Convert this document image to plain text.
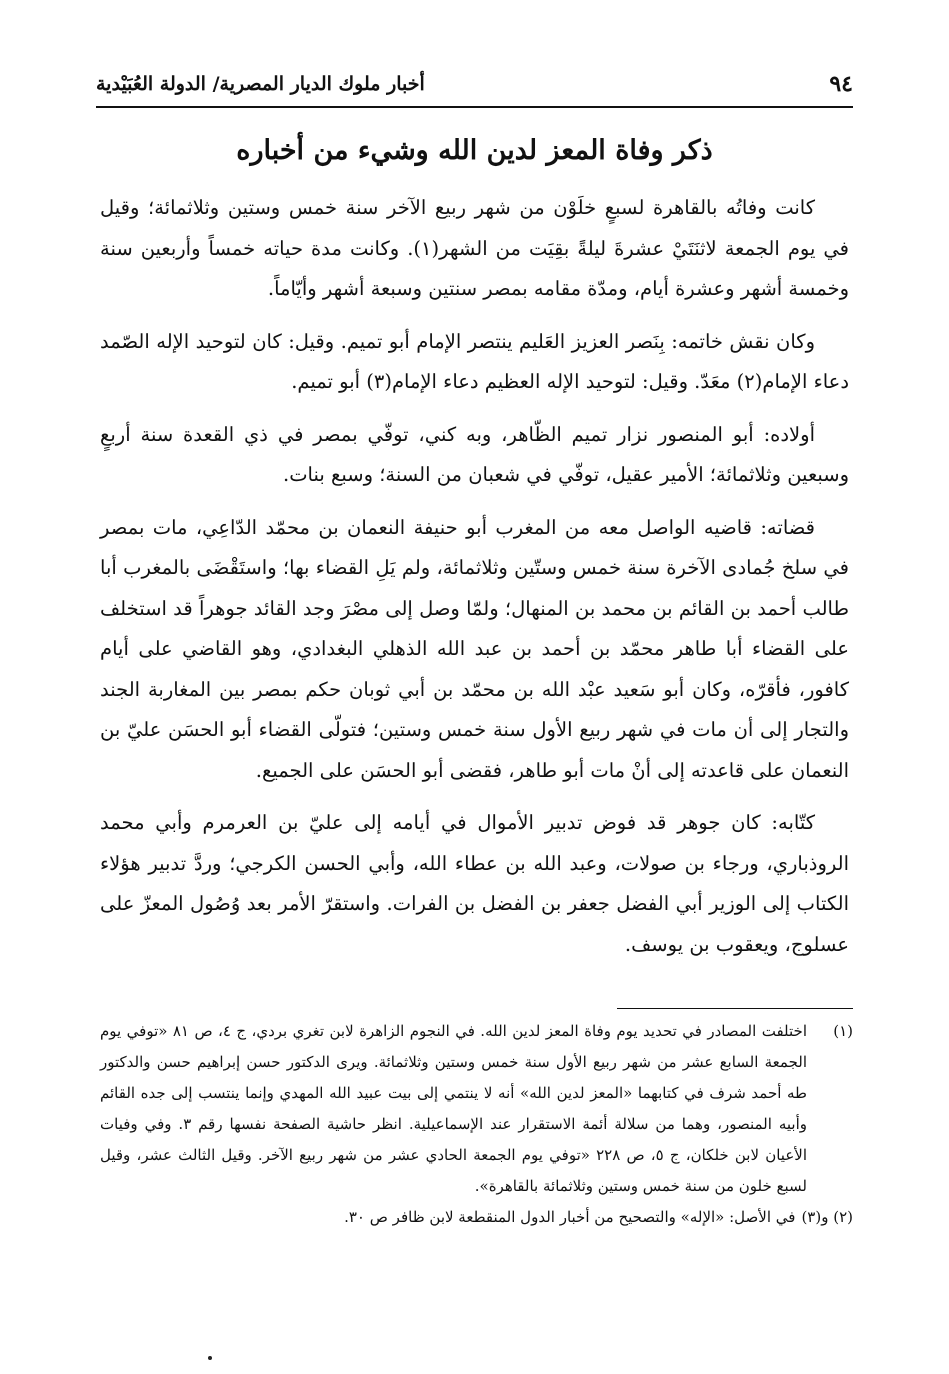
٩٤
أخبار ملوك الديار المصرية/ الدولة العُبَيْدية
ذكر وفاة المعز لدين الله وشيء من أخباره

كانت وفاتُه بالقاهرة لسبعٍ خلَوْن من شهر ربيع الآخر سنة خمس وستين وثلاثمائة؛ وقيل في يوم الجمعة لاثنَتَيْ عشرةَ ليلةً بقِيَت من الشهر(١). وكانت مدة حياته خمساً وأربعين سنة وخمسة أشهر وعشرة أيام، ومدّة مقامه بمصر سنتين وسبعة أشهر وأيّاماً.

وكان نقش خاتمه: بِنَصر العزيز العَليم ينتصر الإمام أبو تميم. وقيل: كان لتوحيد الإله الصّمد دعاء الإمام(٢) معَدّ. وقيل: لتوحيد الإله العظيم دعاء الإمام(٣) أبو تميم.

أولاده: أبو المنصور نزار تميم الظّاهر، وبه كني، توفّي بمصر في ذي القعدة سنة أربعٍ وسبعين وثلاثمائة؛ الأمير عقيل، توفّي في شعبان من السنة؛ وسبع بنات.

قضاته: قاضيه الواصل معه من المغرب أبو حنيفة النعمان بن محمّد الدّاعِي، مات بمصر في سلخ جُمادى الآخرة سنة خمس وستّين وثلاثمائة، ولم يَلِ القضاء بها؛ واستَقْضَى بالمغرب أبا طالب أحمد بن القائم بن محمد بن المنهال؛ ولمّا وصل إلى مصْرَ وجد القائد جوهراً قد استخلف على القضاء أبا طاهر محمّد بن أحمد بن عبد الله الذهلي البغدادي، وهو القاضي على أيام كافور، فأقرّه، وكان أبو سَعيد عبْد الله بن محمّد بن أبي ثوبان حكم بمصر بين المغاربة الجند والتجار إلى أن مات في شهر ربيع الأول سنة خمس وستين؛ فتولّى القضاء أبو الحسَن عليّ بن النعمان على قاعدته إلى أنْ مات أبو طاهر، فقضى أبو الحسَن على الجميع.

كتّابه: كان جوهر قد فوض تدبير الأموال في أيامه إلى عليّ بن العرمرم وأبي محمد الروذباري، ورجاء بن صولات، وعبد الله بن عطاء الله، وأبي الحسن الكرجي؛ وردَّ تدبير هؤلاء الكتاب إلى الوزير أبي الفضل جعفر بن الفضل بن الفرات. واستقرّ الأمر بعد وُصُول المعزّ على عسلوج، ويعقوب بن يوسف.

(١)
اختلفت المصادر في تحديد يوم وفاة المعز لدين الله. في النجوم الزاهرة لابن تغري بردي، ج ٤، ص ٨١ «توفي يوم الجمعة السابع عشر من شهر ربيع الأول سنة خمس وستين وثلاثمائة. ويرى الدكتور حسن إبراهيم حسن والدكتور طه أحمد شرف في كتابهما «المعز لدين الله» أنه لا ينتمي إلى بيت عبيد الله المهدي وإنما ينتسب إلى جده القائم وأبيه المنصور، وهما من سلالة أئمة الاستقرار عند الإسماعيلية. انظر حاشية الصفحة نفسها رقم ٣. وفي وفيات الأعيان لابن خلكان، ج ٥، ص ٢٢٨ «توفي يوم الجمعة الحادي عشر من شهر ربيع الآخر. وقيل الثالث عشر، وقيل لسبع خلون من سنة خمس وستين وثلاثمائة بالقاهرة».
(٢) و(٣)
في الأصل: «الإله» والتصحيح من أخبار الدول المنقطعة لابن ظافر ص ٣٠.
